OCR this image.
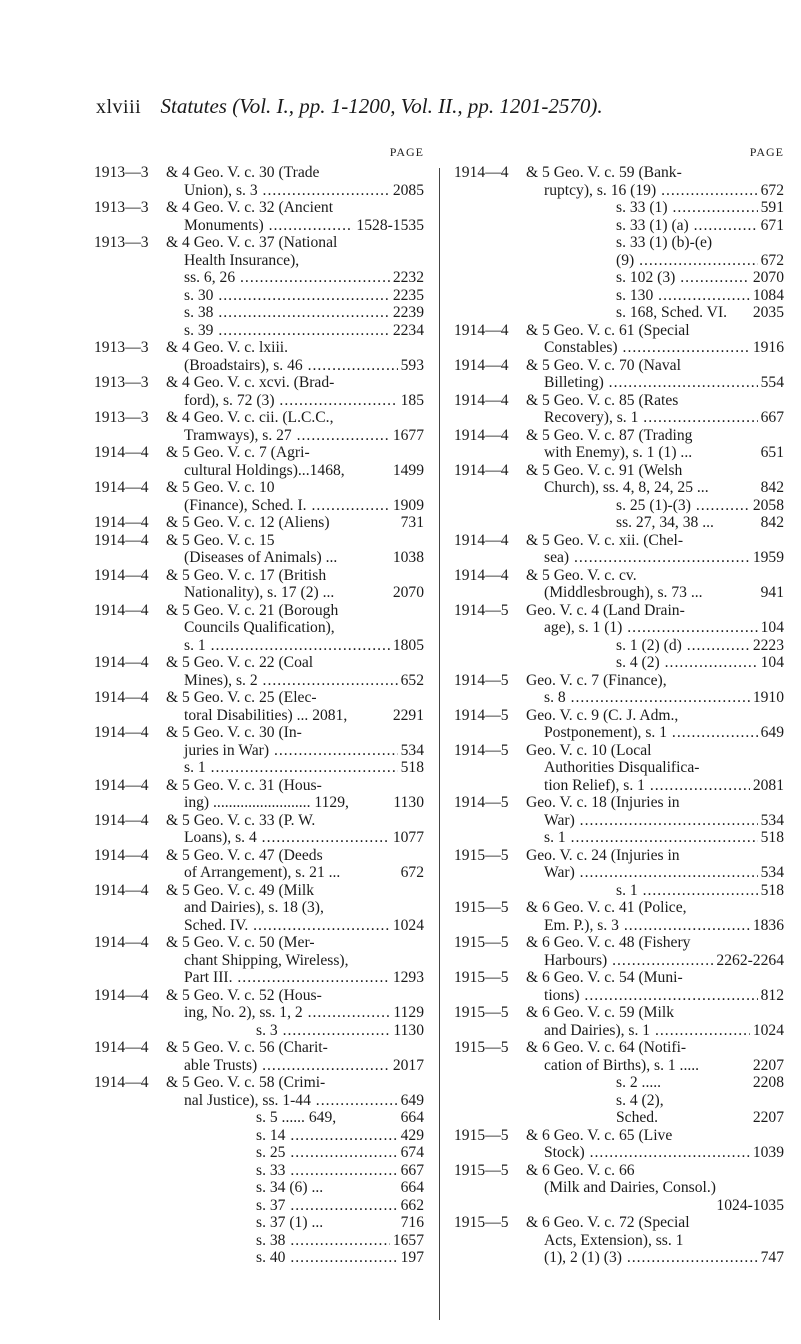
xlviii Statutes (Vol. I., pp. 1-1200, Vol. II., pp. 1201-2570).
PAGE
1913—3 & 4 Geo. V. c. 30 (Trade
Union), s. 3 .....	2085
1913—3 & 4 Geo. V. c. 32 (Ancient
Monuments) .....	1528-1535
1913—3 & 4 Geo. V. c. 37 (National
Health Insurance),
ss. 6, 26 .....	2232
s. 30 .....	2235
s. 38 .....	2239
s. 39 .....	2234
1913—3 & 4 Geo. V. c. lxiii.
(Broadstairs), s. 46 .....	593
1913—3 & 4 Geo. V. c. xcvi. (Brad-
ford), s. 72 (3) .....	185
1913—3 & 4 Geo. V. c. cii. (L.C.C.,
Tramways), s. 27 .....	1677
1914—4 & 5 Geo. V. c. 7 (Agri-
cultural Holdings)...1468,	1499
1914—4 & 5 Geo. V. c. 10
(Finance), Sched. I. .....	1909
1914—4 & 5 Geo. V. c. 12 (Aliens)	731
1914—4 & 5 Geo. V. c. 15
(Diseases of Animals) ...	1038
1914—4 & 5 Geo. V. c. 17 (British
Nationality), s. 17 (2) ...	2070
1914—4 & 5 Geo. V. c. 21 (Borough
Councils Qualification),
s. 1 .....	1805
1914—4 & 5 Geo. V. c. 22 (Coal
Mines), s. 2 .....	652
1914—4 & 5 Geo. V. c. 25 (Elec-
toral Disabilities) ... 2081,	2291
1914—4 & 5 Geo. V. c. 30 (In-
juries in War) .....	534
s. 1 .....	518
1914—4 & 5 Geo. V. c. 31 (Hous-
ing) ......................... 1129,	1130
1914—4 & 5 Geo. V. c. 33 (P. W.
Loans), s. 4 .....	1077
1914—4 & 5 Geo. V. c. 47 (Deeds
of Arrangement), s. 21 ...	672
1914—4 & 5 Geo. V. c. 49 (Milk
and Dairies), s. 18 (3),
Sched. IV. .....	1024
1914—4 & 5 Geo. V. c. 50 (Mer-
chant Shipping, Wireless),
Part III. .....	1293
1914—4 & 5 Geo. V. c. 52 (Hous-
ing, No. 2), ss. 1, 2 .....	1129
s. 3 .....	1130
1914—4 & 5 Geo. V. c. 56 (Charit-
able Trusts) .....	2017
1914—4 & 5 Geo. V. c. 58 (Crimi-
nal Justice), ss. 1-44 .....	649
s. 5 ...... 649,	664
s. 14 .....	429
s. 25 .....	674
s. 33 .....	667
s. 34 (6) ...	664
s. 37 .....	662
s. 37 (1) ...	716
s. 38 .....	1657
s. 40 .....	197
PAGE
1914—4 & 5 Geo. V. c. 59 (Bank-
ruptcy), s. 16 (19) .....	672
s. 33 (1) .....	591
s. 33 (1) (a) .....	671
s. 33 (1) (b)-(e)
(9) .....	672
s. 102 (3) .....	2070
s. 130 .....	1084
s. 168, Sched. VI. 2035
1914—4 & 5 Geo. V. c. 61 (Special
Constables) .....	1916
1914—4 & 5 Geo. V. c. 70 (Naval
Billeting) .....	554
1914—4 & 5 Geo. V. c. 85 (Rates
Recovery), s. 1 .....	667
1914—4 & 5 Geo. V. c. 87 (Trading
with Enemy), s. 1 (1) ...	651
1914—4 & 5 Geo. V. c. 91 (Welsh
Church), ss. 4, 8, 24, 25 ...	842
s. 25 (1)-(3) .....	2058
ss. 27, 34, 38 ...	842
1914—4 & 5 Geo. V. c. xii. (Chel-
sea) .....	1959
1914—4 & 5 Geo. V. c. cv.
(Middlesbrough), s. 73 ...	941
1914—5 Geo. V. c. 4 (Land Drain-
age), s. 1 (1) .....	104
s. 1 (2) (d) .....	2223
s. 4 (2) .....	104
1914—5 Geo. V. c. 7 (Finance),
s. 8 .....	1910
1914—5 Geo. V. c. 9 (C. J. Adm.,
Postponement), s. 1 .....	649
1914—5 Geo. V. c. 10 (Local
Authorities Disqualifica-
tion Relief), s. 1 .....	2081
1914—5 Geo. V. c. 18 (Injuries in
War) .....	534
s. 1 .....	518
1915—5 Geo. V. c. 24 (Injuries in
War) .....	534
s. 1 .....	518
1915—5 & 6 Geo. V. c. 41 (Police,
Em. P.), s. 3 .....	1836
1915—5 & 6 Geo. V. c. 48 (Fishery
Harbours) .....	2262-2264
1915—5 & 6 Geo. V. c. 54 (Muni-
tions) .....	812
1915—5 & 6 Geo. V. c. 59 (Milk
and Dairies), s. 1 .....	1024
1915—5 & 6 Geo. V. c. 64 (Notifi-
cation of Births), s. 1 .....	2207
s. 2 .....	2208
s. 4 (2),
Sched.	2207
1915—5 & 6 Geo. V. c. 65 (Live
Stock) .....	1039
1915—5 & 6 Geo. V. c. 66
(Milk and Dairies, Consol.)
1024-1035
1915—5 & 6 Geo. V. c. 72 (Special
Acts, Extension), ss. 1
(1), 2 (1) (3) .....	747
